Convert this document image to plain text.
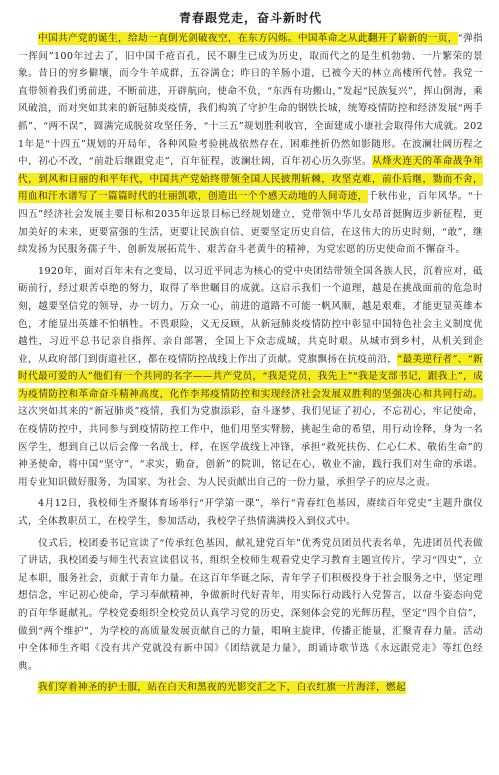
青春跟党走，奋斗新时代

中国共产党的诞生，给劫一直倒光剑破夜空，在东方闪烁。中国革命之从此翻开了崭新的一页，“弹指一挥间”100年过去了，旧中国千疮百孔，民不聊生已成为历史，取而代之的是生机勃勃、一片繁荣的景象。昔日的穷乡僻壤，而今牛羊成群，五谷满仓；昨日的羊肠小道，已被今天的林立高楼所代替。我党一直带领着我们勇前进，不断前进，开辟航向，使命不负，“东西有功搬山，”发起“民族复兴”，挥山倒海，乘风破浪，而对突如其来的新冠肺炎疫情，我们构筑了守护生命的钢铁长城，统筹疫情防控和经济发展“两手抓”、“两不误”，圆满完成脱贫攻坚任务，“十三五”规划胜利收官，全面建成小康社会取得伟大成就。2021年是“十四五”规划的开局年，各种风险考验挑战依然存在，困难挫折仍然如影随形。在波澜壮阔历程之中，初心不改，“前赴后继跟党走”，百年征程，波澜壮阔，百年初心历久弥坚。从烽火连天的革命战争年代，到风和日丽的和平年代，中国共产党始终带领全国人民披荆斩棘，攻坚克难，前仆后继，勠而不舍，用血和汗水谱写了一篇篇时代的壮丽凯歌，创造出一个个感天动地的人间奇迹，千秋伟业，百年风华。“十四五”经济社会发展主要目标和2035年远景目标已经规划建立，党带领中华儿女昂首挺胸迈步新征程，更加美好的未来，更要富强的生活，更要让民族自信、更要坚定历史自信，在这伟大的历史时刻，“敢”，继续发扬为民服务孺子牛、创新发展拓荒牛、艰苦奋斗老黄牛的精神，为党宏愿的历史使命而不懈奋斗。

1920年，面对百年未有之变局，以习近平同志为核心的党中央团结带领全国各族人民，沉着应对，砥砺前行，经过艰苦卓绝的努力，取得了举世瞩目的成就。这启示我们一个道理，越是在挑战面前的危急时刻，越要坚信党的领导，办一切力，万众一心，前进的道路不可能一帆风顺，越是艰难，才能更显英雄本色，才能显出英雄不怕牺牲。不畏艰险，义无反顾，从新冠肺炎疫情防控中彰显中国特色社会主义制度优越性，习近平总书记亲自指挥、亲自部署，全国上下众志成城，共克时艰。从城市到乡村，从机关到企业，从政府部门到街道社区，都在疫情防控战线上作出了贡献。党旗飘扬在抗疫前沿，“最美逆行者”、“新时代最可爱的人”他们有一个共同的名字——共产党员，“我是党员，我先上”“我是支部书记，跟我上”，成为疫情防控和革命奋斗精神高度，化作李邦疫情防控和实现经济社会发展双胜利的坚强决心和共同行动。这次突如其来的“新冠肺炎”疫情，我们为党旗添彩，奋斗逐梦、我们见证了初心，不忘初心，牢记使命，在疫情防控中，共同参与到疫情防控工作中，他们用坚实臂膀，挑起生命的希望，用行动诠释，身为一名医学生，想到自己以后会像一名战士，样，在医学战线上冲锋，承担“救死扶伤、仁心仁术、敬佑生命”的神圣使命，将中国“坚守”，“求实，勤奋，创新”的院训，铭记在心，敬业不渝，践行我们对生命的承诺。用专业知识做好服务，为国家、为社会、为人民贡献出自己的一份力量，承担学子的应尽之责。

4月12日，我校师生齐聚体育场举行“开学第一课”，举行“青春红色基因，赓续百年党史”主题升旗仪式，全体教职员工，在校学生，参加活动，我校学子热情满满投入到仪式中。

仪式后，校团委书记宣读了“传承红色基因，献礼建党百年”优秀党员团员代表名单，先进团员代表做了讲话，我校团委与师生代表宣读倡议书，组织全校师生观看党史学习教育主题宣传片，学习“四史”，立足本职，服务社会，贡献于青年力量。在这百年华诞之际，青年学子们积极投身于社会服务之中，坚定理想信念，牢记初心使命，学习奉献精神，争做新时代好青年，用实际行动践行入党誓言，以奋斗姿态向党的百年华诞献礼。学校党委组织全校党员认真学习党的历史，深刻体会党的光辉历程，坚定“四个自信”，做到“两个维护”，为学校的高质量发展贡献自己的力量，唱响主旋律，传播正能量，汇聚青春力量。活动中全体师生齐唱《没有共产党就没有新中国》《团结就是力量》，朗诵诗歌节选《永远跟党走》等红色经典。

我们穿着神圣的护士服，站在白天和黑夜的光影交汇之下，白衣红旗一片海洋，燃起
